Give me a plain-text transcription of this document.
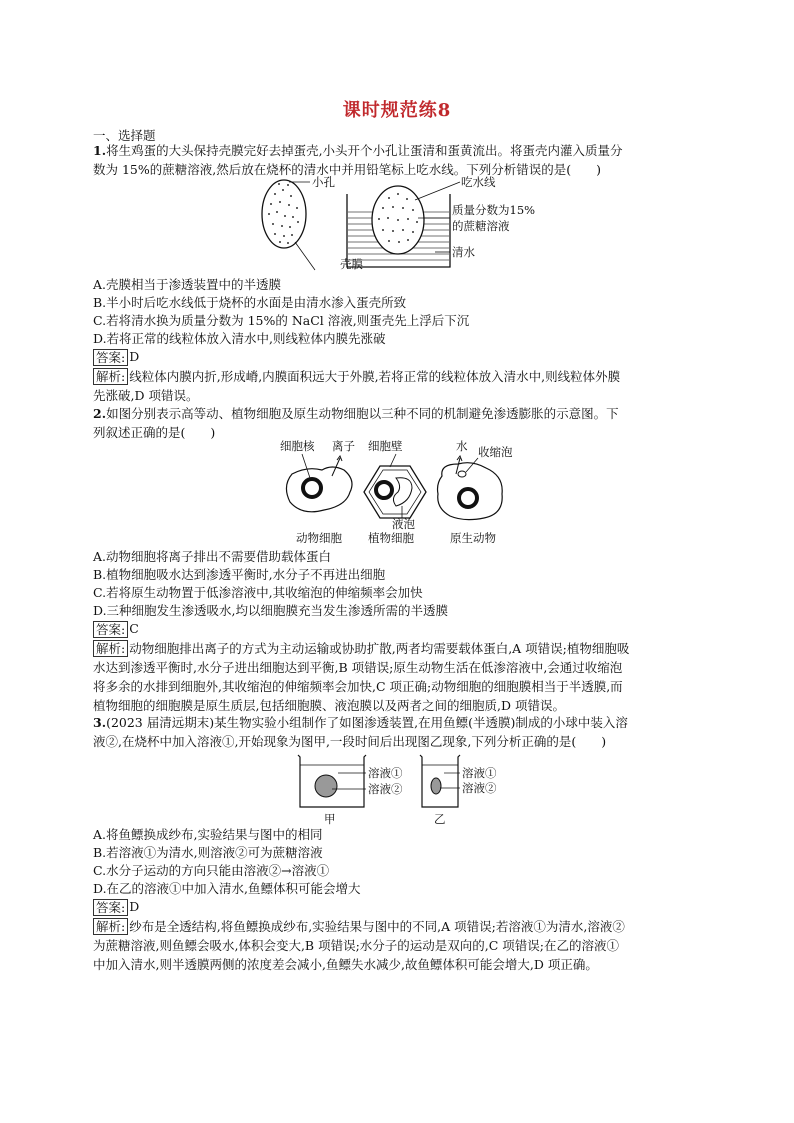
课时规范练8
一、选择题
1.将生鸡蛋的大头保持壳膜完好去掉蛋壳,小头开个小孔让蛋清和蛋黄流出。将蛋壳内灌入质量分
数为 15%的蔗糖溶液,然后放在烧杯的清水中并用铅笔标上吃水线。下列分析错误的是(　　)
小孔
壳膜
吃水线
质量分数为15%
的蔗糖溶液
清水
A.壳膜相当于渗透装置中的半透膜
B.半小时后吃水线低于烧杯的水面是由清水渗入蛋壳所致
C.若将清水换为质量分数为 15%的 NaCl 溶液,则蛋壳先上浮后下沉
D.若将正常的线粒体放入清水中,则线粒体内膜先涨破
答案: D
解析: 线粒体内膜内折,形成嵴,内膜面积远大于外膜,若将正常的线粒体放入清水中,则线粒体外膜
先涨破,D 项错误。
2.如图分别表示高等动、植物细胞及原生动物细胞以三种不同的机制避免渗透膨胀的示意图。下
列叙述正确的是(　　)
细胞核 离子
动物细胞
细胞壁
液泡
植物细胞
水 收缩泡
原生动物
A.动物细胞将离子排出不需要借助载体蛋白
B.植物细胞吸水达到渗透平衡时,水分子不再进出细胞
C.若将原生动物置于低渗溶液中,其收缩泡的伸缩频率会加快
D.三种细胞发生渗透吸水,均以细胞膜充当发生渗透所需的半透膜
答案: C
解析: 动物细胞排出离子的方式为主动运输或协助扩散,两者均需要载体蛋白,A 项错误;植物细胞吸
水达到渗透平衡时,水分子进出细胞达到平衡,B 项错误;原生动物生活在低渗溶液中,会通过收缩泡
将多余的水排到细胞外,其收缩泡的伸缩频率会加快,C 项正确;动物细胞的细胞膜相当于半透膜,而
植物细胞的细胞膜是原生质层,包括细胞膜、液泡膜以及两者之间的细胞质,D 项错误。
3.(2023 届清远期末)某生物实验小组制作了如图渗透装置,在用鱼鳔(半透膜)制成的小球中装入溶
液②,在烧杯中加入溶液①,开始现象为图甲,一段时间后出现图乙现象,下列分析正确的是(　　)
溶液①
溶液②
甲
溶液①
溶液②
乙
A.将鱼鳔换成纱布,实验结果与图中的相同
B.若溶液①为清水,则溶液②可为蔗糖溶液
C.水分子运动的方向只能由溶液②→溶液①
D.在乙的溶液①中加入清水,鱼鳔体积可能会增大
答案: D
解析: 纱布是全透结构,将鱼鳔换成纱布,实验结果与图中的不同,A 项错误;若溶液①为清水,溶液②
为蔗糖溶液,则鱼鳔会吸水,体积会变大,B 项错误;水分子的运动是双向的,C 项错误;在乙的溶液①
中加入清水,则半透膜两侧的浓度差会减小,鱼鳔失水减少,故鱼鳔体积可能会增大,D 项正确。
